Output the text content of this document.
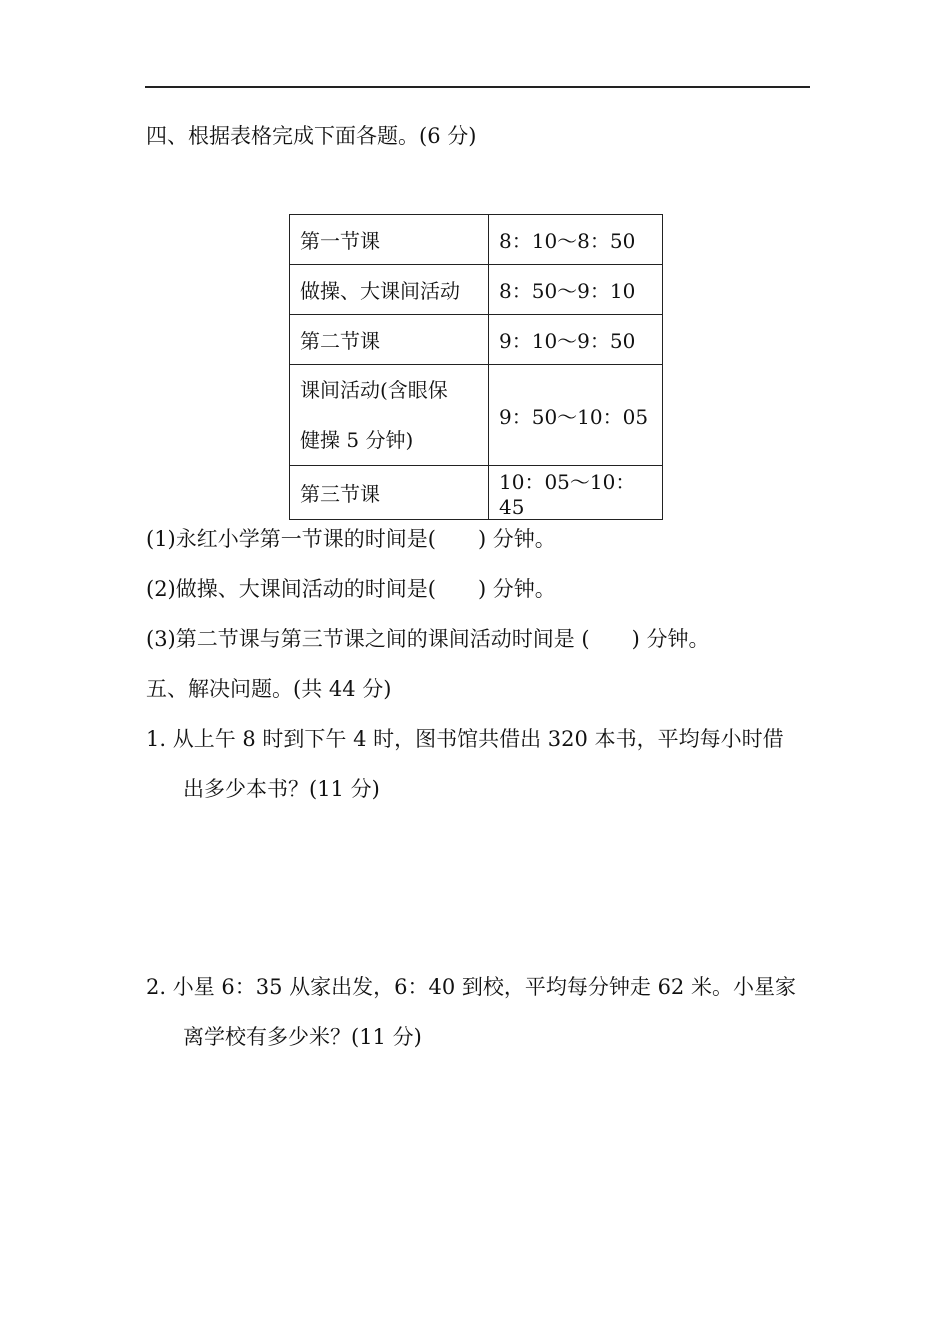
四、根据表格完成下面各题。(6 分)
第一节课	8：10～8：50
做操、大课间活动	8：50～9：10
第二节课	9：10～9：50

课间活动(含眼保
健操 5 分钟)	9：50～10：05
第三节课	10：05～10：45
(1)永红小学第一节课的时间是(　　) 分钟。
(2)做操、大课间活动的时间是(　　) 分钟。
(3)第二节课与第三节课之间的课间活动时间是 (　　) 分钟。
五、解决问题。(共 44 分)
1. 从上午 8 时到下午 4 时，图书馆共借出 320 本书，平均每小时借
出多少本书？(11 分)
2. 小星 6：35 从家出发，6：40 到校，平均每分钟走 62 米。小星家
离学校有多少米？(11 分)
